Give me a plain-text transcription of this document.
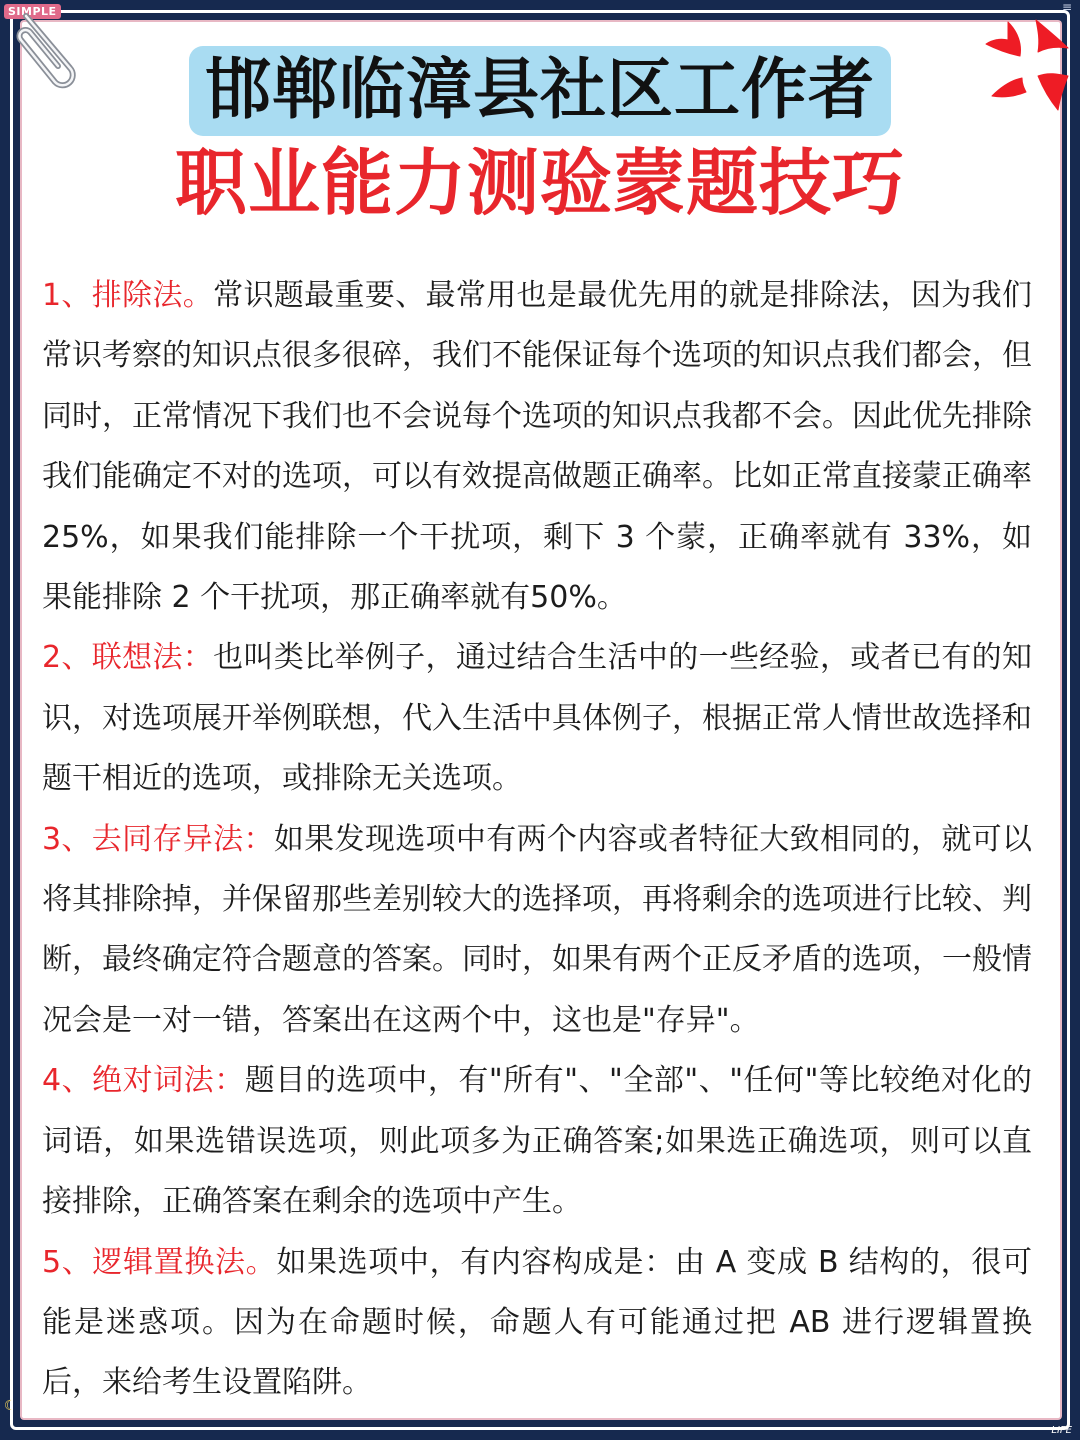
SIMPLE	≡
☾
LIFE
邯郸临漳县社区工作者
职业能力测验蒙题技巧

1、排除法。常识题最重要、最常用也是最优先用的就是排除法，因为我们常识考察的知识点很多很碎，我们不能保证每个选项的知识点我们都会，但同时，正常情况下我们也不会说每个选项的知识点我都不会。因此优先排除我们能确定不对的选项，可以有效提高做题正确率。比如正常直接蒙正确率 25%，如果我们能排除一个干扰项，剩下 3 个蒙，正确率就有 33%，如果能排除 2 个干扰项，那正确率就有50%。

2、联想法：也叫类比举例子，通过结合生活中的一些经验，或者已有的知识，对选项展开举例联想，代入生活中具体例子，根据正常人情世故选择和题干相近的选项，或排除无关选项。

3、去同存异法：如果发现选项中有两个内容或者特征大致相同的，就可以将其排除掉，并保留那些差别较大的选择项，再将剩余的选项进行比较、判断，最终确定符合题意的答案。同时，如果有两个正反矛盾的选项，一般情况会是一对一错，答案出在这两个中，这也是"存异"。

4、绝对词法：题目的选项中，有"所有"、"全部"、"任何"等比较绝对化的词语，如果选错误选项，则此项多为正确答案;如果选正确选项，则可以直接排除，正确答案在剩余的选项中产生。

5、逻辑置换法。如果选项中，有内容构成是：由 A 变成 B 结构的，很可能是迷惑项。因为在命题时候，命题人有可能通过把 AB 进行逻辑置换后，来给考生设置陷阱。
